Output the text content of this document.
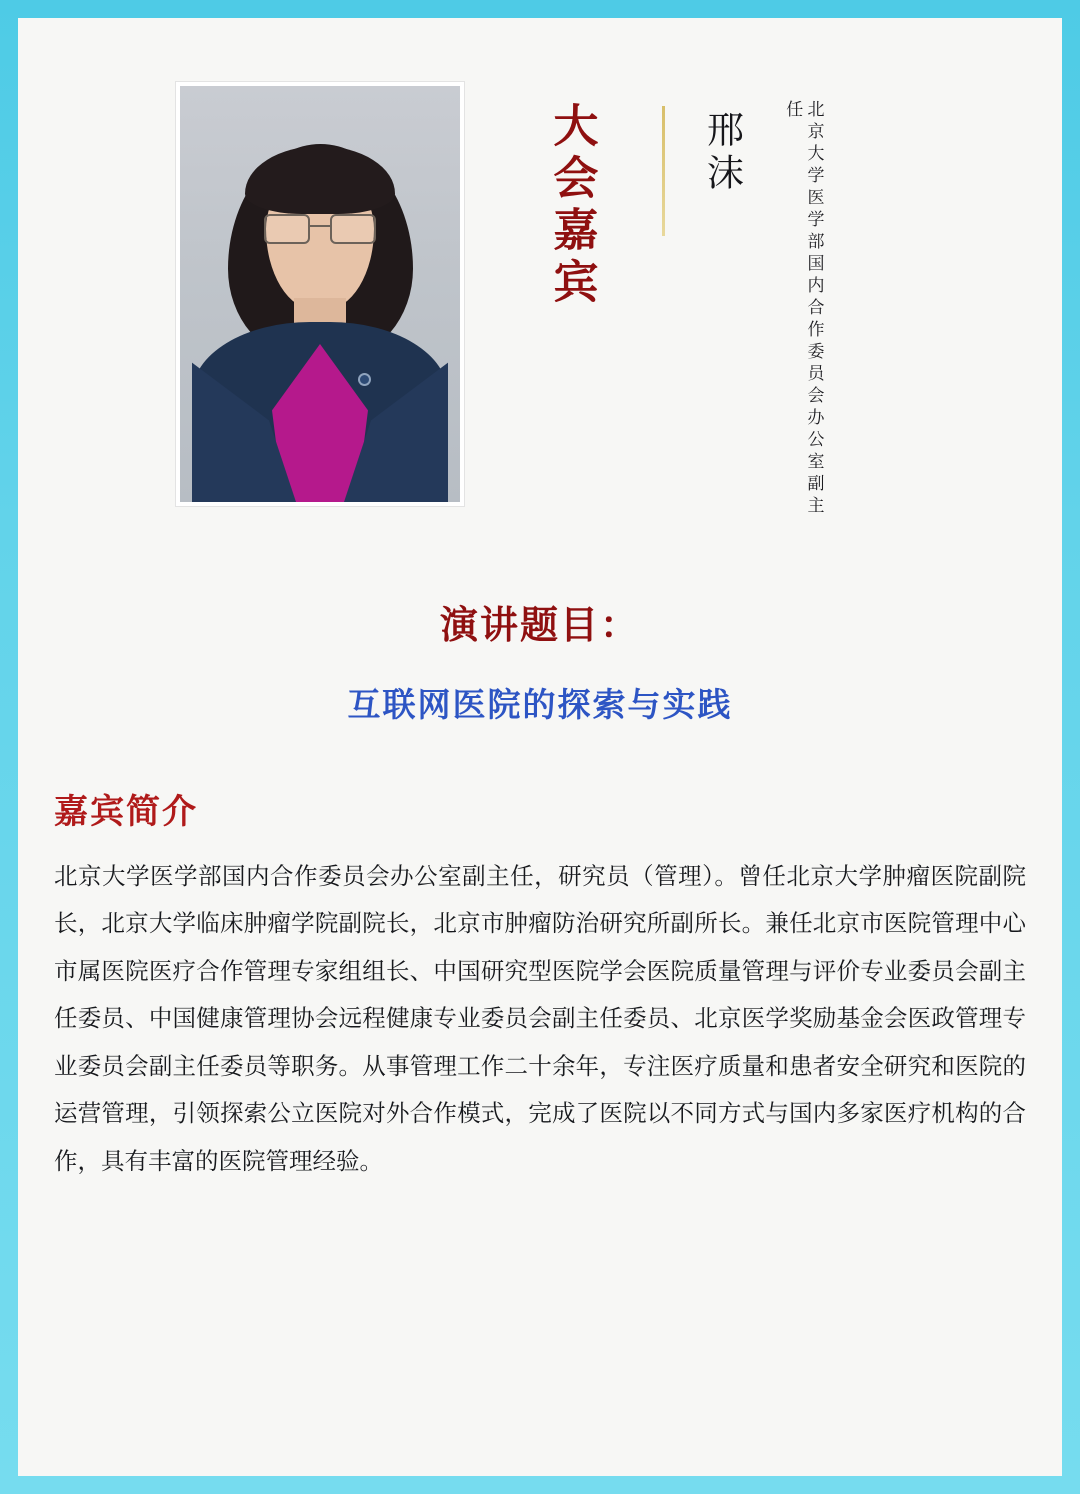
大会嘉宾	邢沫	北京大学医学部国内合作委员会办公室副主任
演讲题目：
互联网医院的探索与实践
嘉宾简介
北京大学医学部国内合作委员会办公室副主任，研究员（管理）。曾任北京大学肿瘤医院副院长，北京大学临床肿瘤学院副院长，北京市肿瘤防治研究所副所长。兼任北京市医院管理中心市属医院医疗合作管理专家组组长、中国研究型医院学会医院质量管理与评价专业委员会副主任委员、中国健康管理协会远程健康专业委员会副主任委员、北京医学奖励基金会医政管理专业委员会副主任委员等职务。从事管理工作二十余年，专注医疗质量和患者安全研究和医院的运营管理，引领探索公立医院对外合作模式，完成了医院以不同方式与国内多家医疗机构的合作，具有丰富的医院管理经验。
